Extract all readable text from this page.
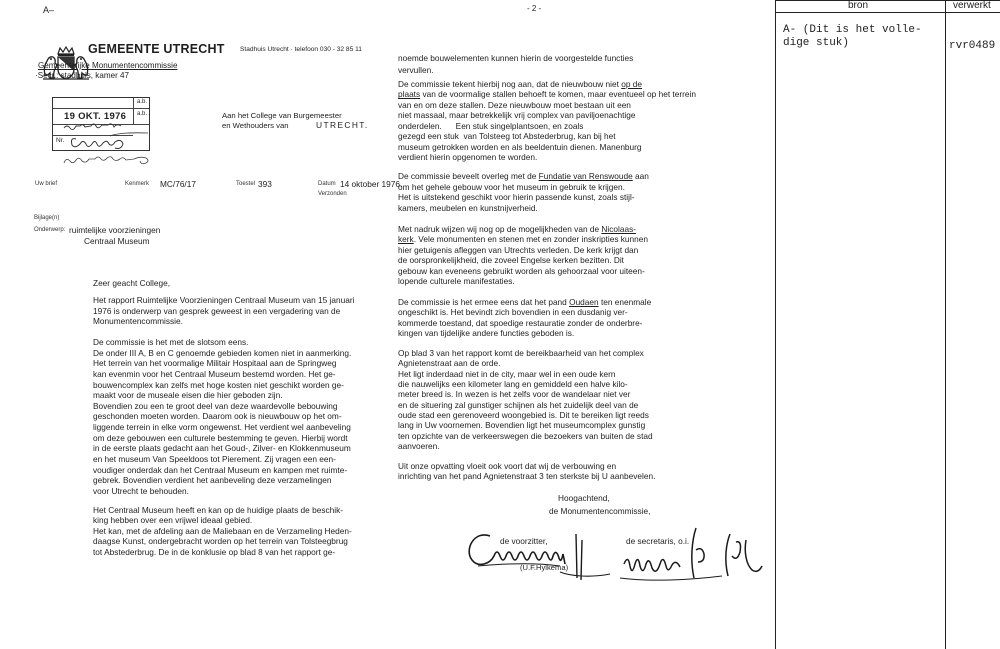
A–	- 2 -

GEMEENTE UTRECHT Stadhuis Utrecht · telefoon 030 - 32 85 11
Gemeentelijke Monumentencommissie
·Secr.: stadhuis, kamer 47
a.b.
a.b.
19 OKT. 1976
Nr.
Aan het College van Burgemeester
en Wethouders van	UTRECHT.
Uw brief	Kenmerk MC/76/17	Toestel 393	Datum 14 oktober 1976.
Verzonden
Bijlage(n)
Onderwerp: ruimtelijke voorzieningen
Centraal Museum
Zeer geacht College,
Het rapport Ruimtelijke Voorzieningen Centraal Museum van 15 januari
1976 is onderwerp van gesprek geweest in een vergadering van de
Monumentencommissie.
De commissie is het met de slotsom eens.
De onder III A, B en C genoemde gebieden komen niet in aanmerking.
Het terrein van het voormalige Militair Hospitaal aan de Springweg
kan evenmin voor het Centraal Museum bestemd worden. Het ge-
bouwencomplex kan zelfs met hoge kosten niet geschikt worden ge-
maakt voor de museale eisen die hier geboden zijn.
Bovendien zou een te groot deel van deze waardevolle bebouwing
geschonden moeten worden. Daarom ook is nieuwbouw op het om-
liggende terrein in elke vorm ongewenst. Het verdient wel aanbeveling
om deze gebouwen een culturele bestemming te geven. Hierbij wordt
in de eerste plaats gedacht aan het Goud-, Zilver- en Klokkenmuseum
en het museum Van Speeldoos tot Pierement. Zij vragen een een-
voudiger onderdak dan het Centraal Museum en kampen met ruimte-
gebrek. Bovendien verdient het aanbeveling deze verzamelingen
voor Utrecht te behouden.
Het Centraal Museum heeft en kan op de huidige plaats de beschik-
king hebben over een vrijwel ideaal gebied.
Het kan, met de afdeling aan de Maliebaan en de Verzameling Heden-
daagse Kunst, ondergebracht worden op het terrein van Tolsteegbrug
tot Abstederbrug. De in de konklusie op blad 8 van het rapport ge-
noemde bouwelementen kunnen hierin de voorgestelde functies
vervullen.
De commissie tekent hierbij nog aan, dat de nieuwbouw niet op de
plaats van de voormalige stallen behoeft te komen, maar eventueel op het terrein
van en om deze stallen. Deze nieuwbouw moet bestaan uit een
niet massaal, maar betrekkelijk vrij complex van paviljoenachtige
onderdelen.      Een stuk singelplantsoen, en zoals
gezegd een stuk  van Tolsteeg tot Abstederbrug, kan bij het
museum getrokken worden en als beeldentuin dienen. Manenburg
verdient hierin opgenomen te worden.
De commissie beveelt overleg met de Fundatie van Renswoude aan
om het gehele gebouw voor het museum in gebruik te krijgen.
Het is uitstekend geschikt voor hierin passende kunst, zoals stijl-
kamers, meubelen en kunstnijverheid.
Met nadruk wijzen wij nog op de mogelijkheden van de Nicolaas-
kerk. Vele monumenten en stenen met en zonder inskripties kunnen
hier getuigenis afleggen van Utrechts verleden. De kerk krijgt dan
de oorspronkelijkheid, die zoveel Engelse kerken bezitten. Dit
gebouw kan eveneens gebruikt worden als gehoorzaal voor uiteen-
lopende culturele manifestaties.
De commissie is het ermee eens dat het pand Oudaen ten enenmale
ongeschikt is. Het bevindt zich bovendien in een dusdanig ver-
kommerde toestand, dat spoedige restauratie zonder de onderbre-
kingen van tijdelijke andere functies geboden is.
Op blad 3 van het rapport komt de bereikbaarheid van het complex
Agnietenstraat aan de orde.
Het ligt inderdaad niet in de city, maar wel in een oude kern
die nauwelijks een kilometer lang en gemiddeld een halve kilo-
meter breed is. In wezen is het zelfs voor de wandelaar niet ver
en de situering zal gunstiger schijnen als het zuidelijk deel van de
oude stad een gerenoveerd woongebied is. Dit te bereiken ligt reeds
lang in Uw voornemen. Bovendien ligt het museumcomplex gunstig
ten opzichte van de verkeerswegen die bezoekers van buiten de stad
aanvoeren.
Uit onze opvatting vloeit ook voort dat wij de verbouwing en
inrichting van het pand Agnietenstraat 3 ten sterkste bij U aanbevelen.
Hoogachtend,
de Monumentencommissie,
de voorzitter,	de secretaris, o.i.
(U.F.Hylkema)
bron	verwerkt
A- (Dit is het volle-
dige stuk)	rvr0489
